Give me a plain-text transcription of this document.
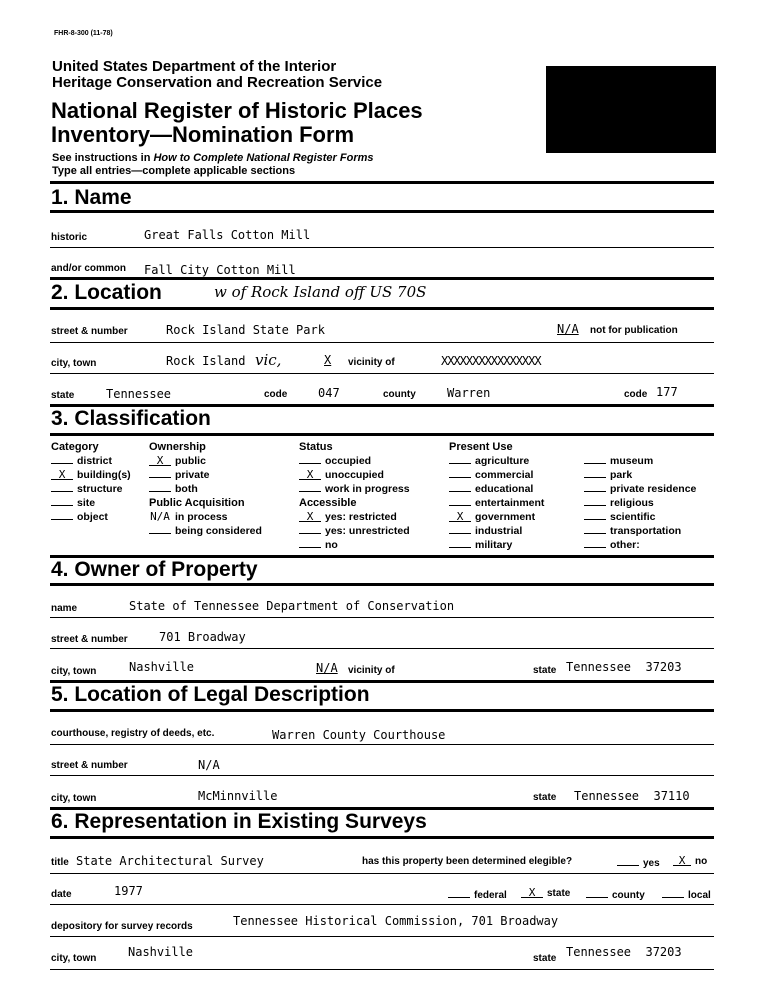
FHR-8-300 (11-78)
United States Department of the Interior
Heritage Conservation and Recreation Service
National Register of Historic Places
Inventory—Nomination Form
See instructions in How to Complete National Register Forms
Type all entries—complete applicable sections
1. Name
historic	Great Falls Cotton Mill
and/or common Fall City Cotton Mill
2. Location	w of Rock Island off US 70S
street & number	Rock Island State Park	N/A not for publication
city, town	Rock Island vic,	X vicinity of	XXXXXXXXXXXXXXXX
state	Tennessee	code	047	county	Warren	code 177
3. Classification
Category
district
X building(s)
structure
site
object
Ownership
X public
private
both
Public Acquisition
N/A in process
being considered
Status
occupied
X unoccupied
work in progress
Accessible
X yes: restricted
yes: unrestricted
no
Present Use
agriculture
commercial
educational
entertainment
X government
industrial
military
museum
park
private residence
religious
scientific
transportation
other:
4. Owner of Property
name	State of Tennessee Department of Conservation
street & number	701 Broadway
city, town	Nashville	N/A vicinity of	state Tennessee  37203
5. Location of Legal Description
courthouse, registry of deeds, etc.	Warren County Courthouse
street & number	N/A
city, town	McMinnville	state Tennessee  37110
6. Representation in Existing Surveys
title State Architectural Survey	has this property been determined elegible?	yes	X no
date	1977	federal	X state	county	local
depository for survey records	Tennessee Historical Commission, 701 Broadway
city, town	Nashville	state Tennessee  37203
